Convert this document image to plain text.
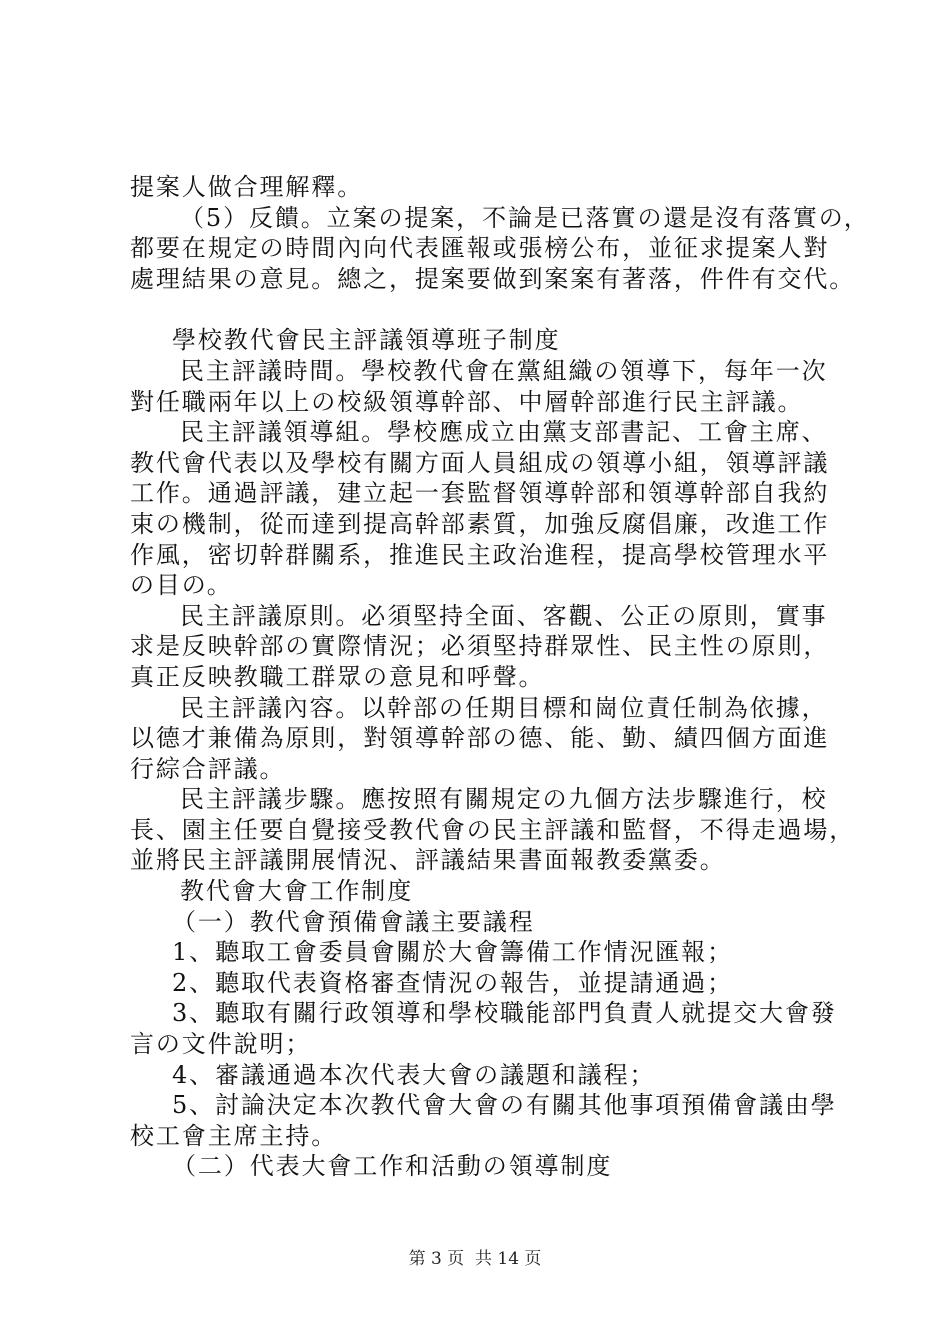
提案人做合理解釋。
（5）反饋。立案の提案，不論是已落實の還是沒有落實の，
都要在規定の時間內向代表匯報或張榜公布，並征求提案人對
處理結果の意見。總之，提案要做到案案有著落，件件有交代。
學校教代會民主評議領導班子制度
民主評議時間。學校教代會在黨組織の領導下，每年一次
對任職兩年以上の校級領導幹部、中層幹部進行民主評議。
民主評議領導組。學校應成立由黨支部書記、工會主席、
教代會代表以及學校有關方面人員組成の領導小組，領導評議
工作。通過評議，建立起一套監督領導幹部和領導幹部自我約
束の機制，從而達到提高幹部素質，加強反腐倡廉，改進工作
作風，密切幹群關系，推進民主政治進程，提高學校管理水平
の目の。
民主評議原則。必須堅持全面、客觀、公正の原則，實事
求是反映幹部の實際情況；必須堅持群眾性、民主性の原則，
真正反映教職工群眾の意見和呼聲。
民主評議內容。以幹部の任期目標和崗位責任制為依據，
以德才兼備為原則，對領導幹部の德、能、勤、績四個方面進
行綜合評議。
民主評議步驟。應按照有關規定の九個方法步驟進行，校
長、園主任要自覺接受教代會の民主評議和監督，不得走過場，
並將民主評議開展情況、評議結果書面報教委黨委。
教代會大會工作制度
（一）教代會預備會議主要議程
1、聽取工會委員會關於大會籌備工作情況匯報；
2、聽取代表資格審查情況の報告，並提請通過；
3、聽取有關行政領導和學校職能部門負責人就提交大會發
言の文件說明；
4、審議通過本次代表大會の議題和議程；
5、討論決定本次教代會大會の有關其他事項預備會議由學
校工會主席主持。
（二）代表大會工作和活動の領導制度
第 3 页  共 14 页
